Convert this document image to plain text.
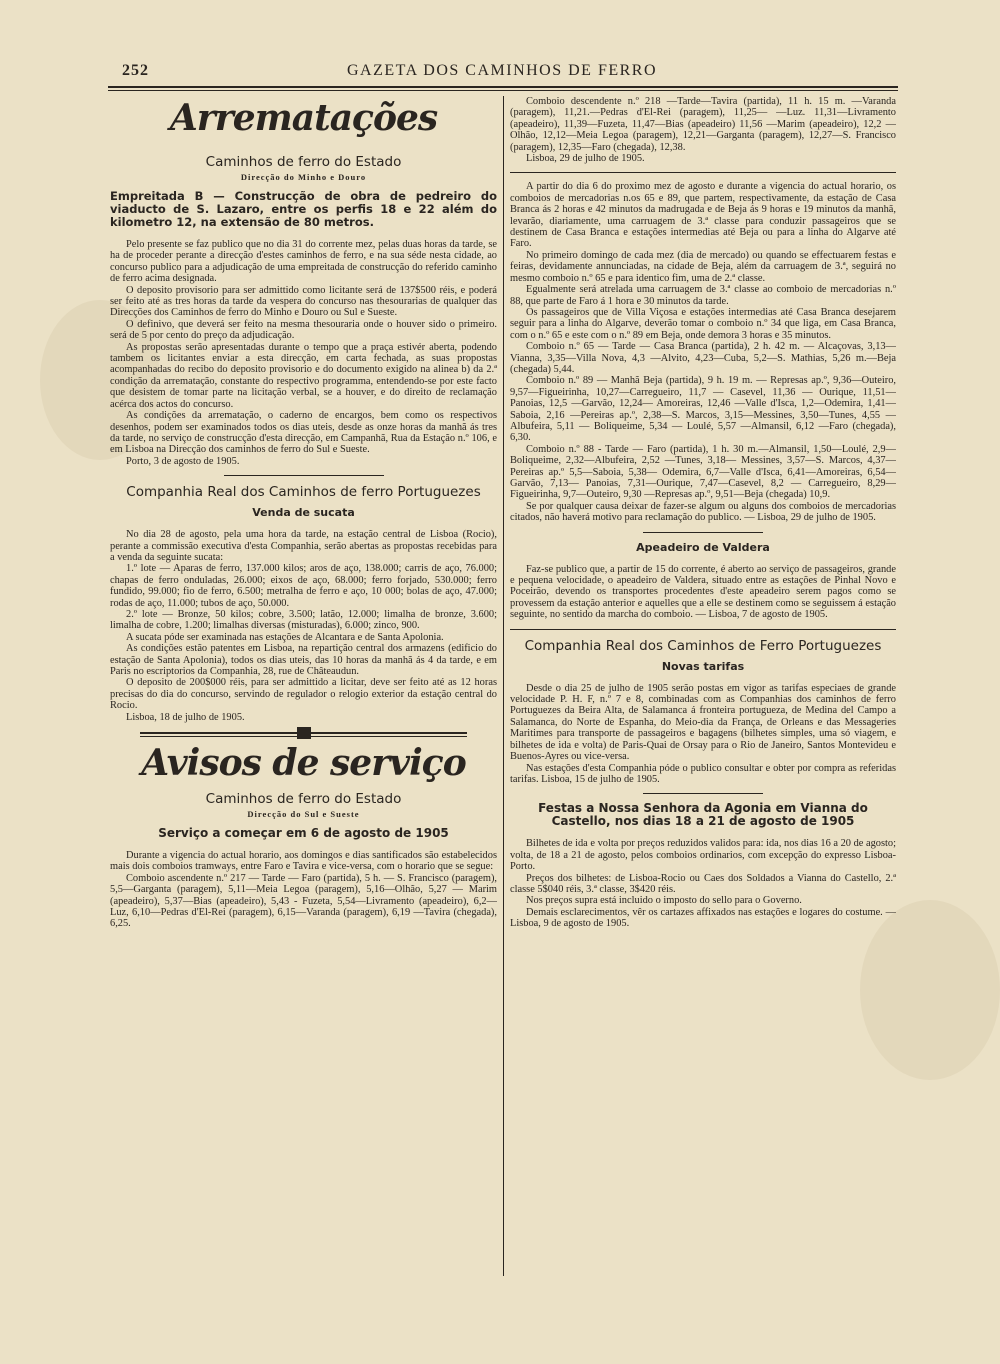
252	GAZETA DOS CAMINHOS DE FERRO
Arrematações
Caminhos de ferro do Estado
Direcção do Minho e Douro
Empreitada B — Construcção de obra de pedreiro do viaducto de S. Lazaro, entre os perfis 18 e 22 além do kilometro 12, na extensão de 80 metros.

Pelo presente se faz publico que no dia 31 do corrente mez, pelas duas horas da tarde, se ha de proceder perante a direcção d'estes caminhos de ferro, e na sua séde nesta cidade, ao concurso publico para a adjudicação de uma empreitada de construcção do referido caminho de ferro acima designada.

O deposito provisorio para ser admittido como licitante será de 137$500 réis, e poderá ser feito até as tres horas da tarde da vespera do concurso nas thesourarias de qualquer das Direcções dos Caminhos de ferro do Minho e Douro ou Sul e Sueste.

O definivo, que deverá ser feito na mesma thesouraria onde o houver sido o primeiro. será de 5 por cento do preço da adjudicação.

As propostas serão apresentadas durante o tempo que a praça estivér aberta, podendo tambem os licitantes enviar a esta direcção, em carta fechada, as suas propostas acompanhadas do recibo do deposito provisorio e do documento exigido na alinea b) da 2.ª condição da arrematação, constante do respectivo programma, entendendo-se por este facto que desistem de tomar parte na licitação verbal, se a houver, e do direito de reclamação acérca dos actos do concurso.

As condições da arrematação, o caderno de encargos, bem como os respectivos desenhos, podem ser examinados todos os dias uteis, desde as onze horas da manhã ás tres da tarde, no serviço de construcção d'esta direcção, em Campanhã, Rua da Estação n.º 106, e em Lisboa na Direcção dos caminhos de ferro do Sul e Sueste.

Porto, 3 de agosto de 1905.

Companhia Real dos Caminhos de ferro Portuguezes
Venda de sucata

No dia 28 de agosto, pela uma hora da tarde, na estação central de Lisboa (Rocio), perante a commissão executiva d'esta Companhia, serão abertas as propostas recebidas para a venda da seguinte sucata:

1.º lote — Aparas de ferro, 137.000 kilos; aros de aço, 138.000; carris de aço, 76.000; chapas de ferro onduladas, 26.000; eixos de aço, 68.000; ferro forjado, 530.000; ferro fundido, 99.000; fio de ferro, 6.500; metralha de ferro e aço, 10 000; bolas de aço, 47.000; rodas de aço, 11.000; tubos de aço, 50.000.

2.º lote — Bronze, 50 kilos; cobre, 3.500; latão, 12.000; limalha de bronze, 3.600; limalha de cobre, 1.200; limalhas diversas (misturadas), 6.000; zinco, 900.

A sucata póde ser examinada nas estações de Alcantara e de Santa Apolonia.

As condições estão patentes em Lisboa, na repartição central dos armazens (edificio do estação de Santa Apolonia), todos os dias uteis, das 10 horas da manhã ás 4 da tarde, e em Paris no escriptorios da Companhia, 28, rue de Châteaudun.

O deposito de 200$000 réis, para ser admittido a licitar, deve ser feito até as 12 horas precisas do dia do concurso, servindo de regulador o relogio exterior da estação central do Rocio.

Lisboa, 18 de julho de 1905.

Avisos de serviço
Caminhos de ferro do Estado
Direcção do Sul e Sueste
Serviço a começar em 6 de agosto de 1905

Durante a vigencia do actual horario, aos domingos e dias santificados são estabelecidos mais dois comboios tramways, entre Faro e Tavira e vice-versa, com o horario que se segue:

Comboio ascendente n.º 217 — Tarde — Faro (partida), 5 h. — S. Francisco (paragem), 5,5—Garganta (paragem), 5,11—Meia Legoa (paragem), 5,16—Olhão, 5,27 — Marim (apeadeiro), 5,37—Bias (apeadeiro), 5,43 - Fuzeta, 5,54—Livramento (apeadeiro), 6,2—Luz, 6,10—Pedras d'El-Rei (paragem), 6,15—Varanda (paragem), 6,19 —Tavira (chegada), 6,25.

Comboio descendente n.º 218 —Tarde—Tavira (partida), 11 h. 15 m. —Varanda (paragem), 11,21.—Pedras d'El-Rei (paragem), 11,25— —Luz. 11,31—Livramento (apeadeiro), 11,39—Fuzeta, 11,47—Bias (apeadeiro) 11,56 —Marim (apeadeiro), 12,2 — Olhão, 12,12—Meia Legoa (paragem), 12,21—Garganta (paragem), 12,27—S. Francisco (paragem), 12,35—Faro (chegada), 12,38.

Lisboa, 29 de julho de 1905.

A partir do dia 6 do proximo mez de agosto e durante a vigencia do actual horario, os comboios de mercadorias n.os 65 e 89, que partem, respectivamente, da estação de Casa Branca ás 2 horas e 42 minutos da madrugada e de Beja ás 9 horas e 19 minutos da manhã, levarão, diariamente, uma carruagem de 3.ª classe para conduzir passageiros que se destinem de Casa Branca e estações intermedias até Beja ou para a linha do Algarve até Faro.

No primeiro domingo de cada mez (dia de mercado) ou quando se effectuarem festas e feiras, devidamente annunciadas, na cidade de Beja, além da carruagem de 3.ª, seguirá no mesmo comboio n.º 65 e para identico fim, uma de 2.ª classe.

Egualmente será atrelada uma carruagem de 3.ª classe ao comboio de mercadorias n.º 88, que parte de Faro á 1 hora e 30 minutos da tarde.

Os passageiros que de Villa Viçosa e estações intermedias até Casa Branca desejarem seguir para a linha do Algarve, deverão tomar o comboio n.º 34 que liga, em Casa Branca, com o n.º 65 e este com o n.º 89 em Beja, onde demora 3 horas e 35 minutos.

Comboio n.º 65 — Tarde — Casa Branca (partida), 2 h. 42 m. — Alcaçovas, 3,13—Vianna, 3,35—Villa Nova, 4,3 —Alvito, 4,23—Cuba, 5,2—S. Mathias, 5,26 m.—Beja (chegada) 5,44.

Comboio n.º 89 — Manhã Beja (partida), 9 h. 19 m. — Represas ap.º, 9,36—Outeiro, 9,57—Figueirinha, 10,27—Carregueiro, 11,7 — Casevel, 11,36 — Ourique, 11,51—Panoias, 12,5 —Garvão, 12,24— Amoreiras, 12,46 —Valle d'Isca, 1,2—Odemira, 1,41—Saboia, 2,16 —Pereiras ap.º, 2,38—S. Marcos, 3,15—Messines, 3,50—Tunes, 4,55 —Albufeira, 5,11 — Boliqueime, 5,34 — Loulé, 5,57 —Almansil, 6,12 —Faro (chegada), 6,30.

Comboio n.º 88 - Tarde — Faro (partida), 1 h. 30 m.—Almansil, 1,50—Loulé, 2,9—Boliqueime, 2,32—Albufeira, 2,52 —Tunes, 3,18— Messines, 3,57—S. Marcos, 4,37—Pereiras ap.º 5,5—Saboia, 5,38— Odemira, 6,7—Valle d'Isca, 6,41—Amoreiras, 6,54—Garvão, 7,13— Panoias, 7,31—Ourique, 7,47—Casevel, 8,2 — Carregueiro, 8,29—Figueirinha, 9,7—Outeiro, 9,30 —Represas ap.º, 9,51—Beja (chegada) 10,9.

Se por qualquer causa deixar de fazer-se algum ou alguns dos comboios de mercadorias citados, não haverá motivo para reclamação do publico. — Lisboa, 29 de julho de 1905.

Apeadeiro de Valdera

Faz-se publico que, a partir de 15 do corrente, é aberto ao serviço de passageiros, grande e pequena velocidade, o apeadeiro de Valdera, situado entre as estações de Pinhal Novo e Poceirão, devendo os transportes procedentes d'este apeadeiro serem pagos como se provessem da estação anterior e aquelles que a elle se destinem como se seguissem á estação seguinte, no sentido da marcha do comboio. — Lisboa, 7 de agosto de 1905.

Companhia Real dos Caminhos de Ferro Portuguezes
Novas tarifas

Desde o dia 25 de julho de 1905 serão postas em vigor as tarifas especiaes de grande velocidade P. H. F, n.º 7 e 8, combinadas com as Companhias dos caminhos de ferro Portuguezes da Beira Alta, de Salamanca á fronteira portugueza, de Medina del Campo a Salamanca, do Norte de Espanha, do Meio-dia da França, de Orleans e das Messageries Maritimes para transporte de passageiros e bagagens (bilhetes simples, uma só viagem, e bilhetes de ida e volta) de Paris-Quai de Orsay para o Rio de Janeiro, Santos Montevideu e Buenos-Ayres ou vice-versa.

Nas estações d'esta Companhia póde o publico consultar e obter por compra as referidas tarifas. Lisboa, 15 de julho de 1905.

Festas a Nossa Senhora da Agonia em Vianna do Castello, nos dias 18 a 21 de agosto de 1905

Bilhetes de ida e volta por preços reduzidos validos para: ida, nos dias 16 a 20 de agosto; volta, de 18 a 21 de agosto, pelos comboios ordinarios, com excepção do expresso Lisboa-Porto.

Preços dos bilhetes: de Lisboa-Rocio ou Caes dos Soldados a Vianna do Castello, 2.ª classe 5$040 réis, 3.ª classe, 3$420 réis.

Nos preços supra está incluido o imposto do sello para o Governo.

Demais esclarecimentos, vêr os cartazes affixados nas estações e logares do costume. — Lisboa, 9 de agosto de 1905.
